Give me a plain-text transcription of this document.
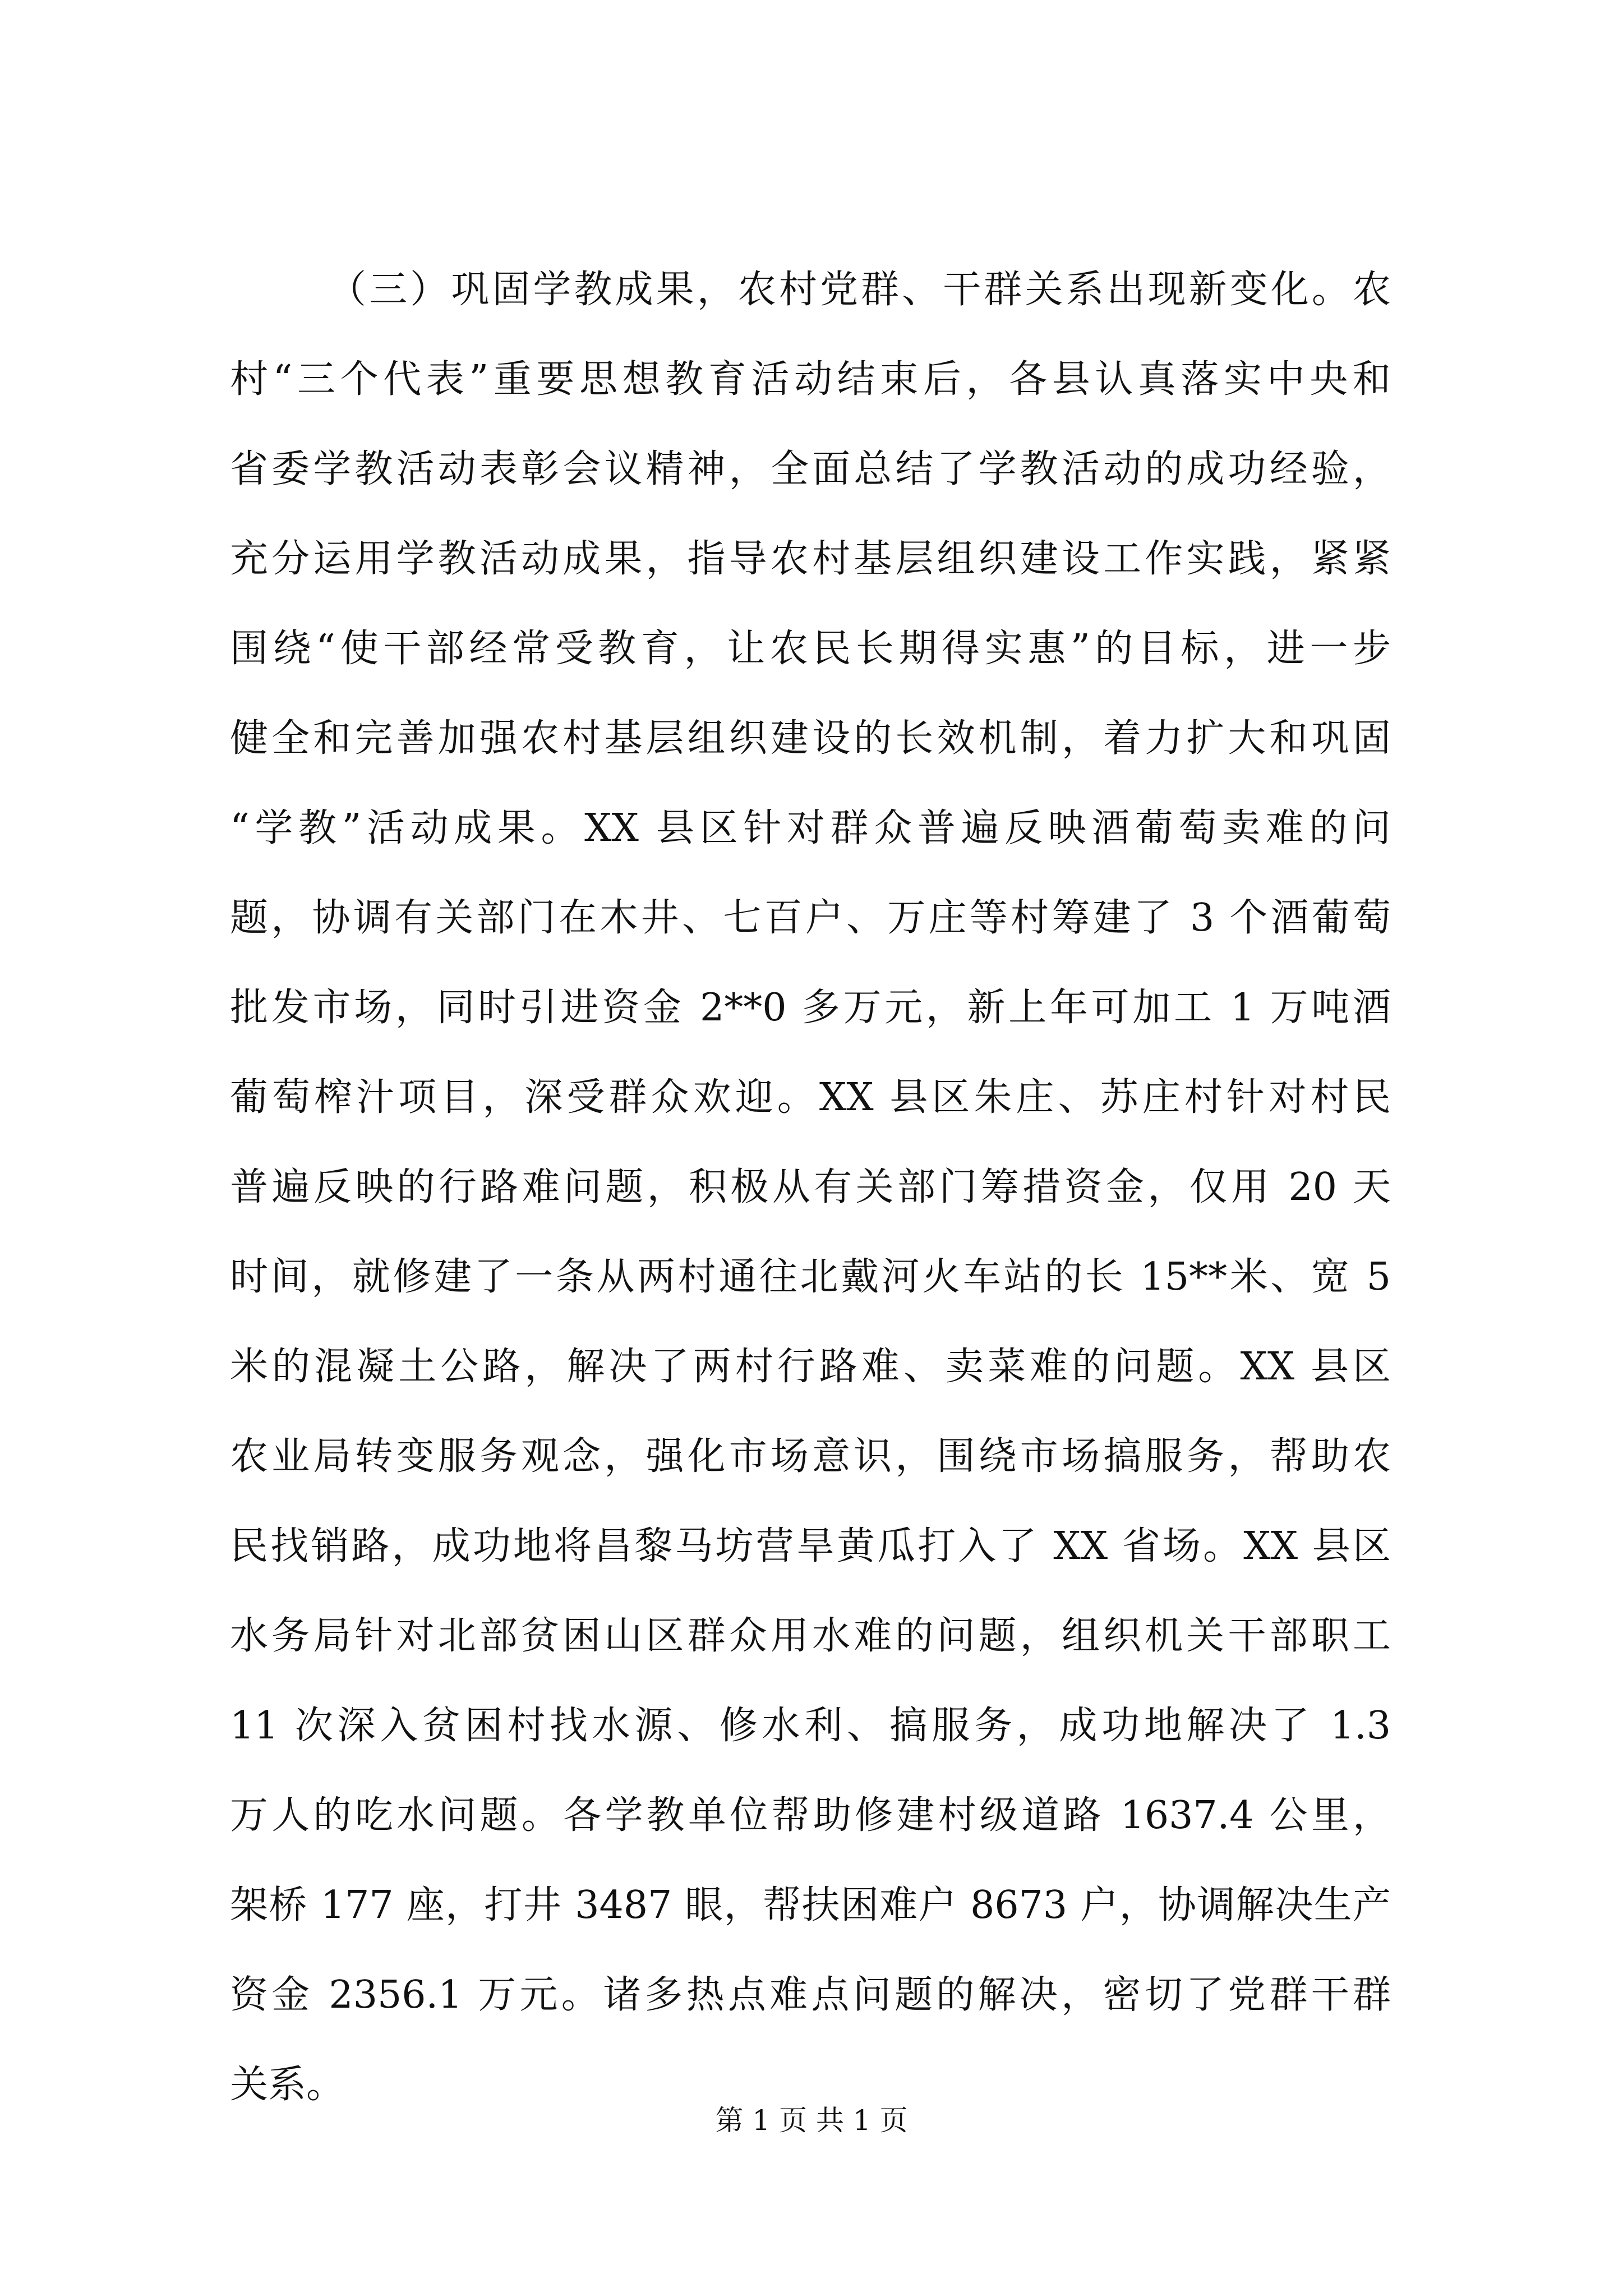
（三）巩固学教成果，农村党群、干群关系出现新变化。农
村“三个代表”重要思想教育活动结束后，各县认真落实中央和
省委学教活动表彰会议精神，全面总结了学教活动的成功经验，
充分运用学教活动成果，指导农村基层组织建设工作实践，紧紧
围绕“使干部经常受教育，让农民长期得实惠”的目标，进一步
健全和完善加强农村基层组织建设的长效机制，着力扩大和巩固
“学教”活动成果。XX 县区针对群众普遍反映酒葡萄卖难的问
题，协调有关部门在木井、七百户、万庄等村筹建了 3 个酒葡萄
批发市场，同时引进资金 2**0 多万元，新上年可加工 1 万吨酒
葡萄榨汁项目，深受群众欢迎。XX 县区朱庄、苏庄村针对村民
普遍反映的行路难问题，积极从有关部门筹措资金，仅用 20 天
时间，就修建了一条从两村通往北戴河火车站的长 15**米、宽 5
米的混凝土公路，解决了两村行路难、卖菜难的问题。XX 县区
农业局转变服务观念，强化市场意识，围绕市场搞服务，帮助农
民找销路，成功地将昌黎马坊营旱黄瓜打入了 XX 省场。XX 县区
水务局针对北部贫困山区群众用水难的问题，组织机关干部职工
11 次深入贫困村找水源、修水利、搞服务，成功地解决了 1.3
万人的吃水问题。各学教单位帮助修建村级道路 1637.4 公里，
架桥 177 座，打井 3487 眼，帮扶困难户 8673 户，协调解决生产
资金 2356.1 万元。诸多热点难点问题的解决，密切了党群干群
关系。
第 1 页 共 1 页
